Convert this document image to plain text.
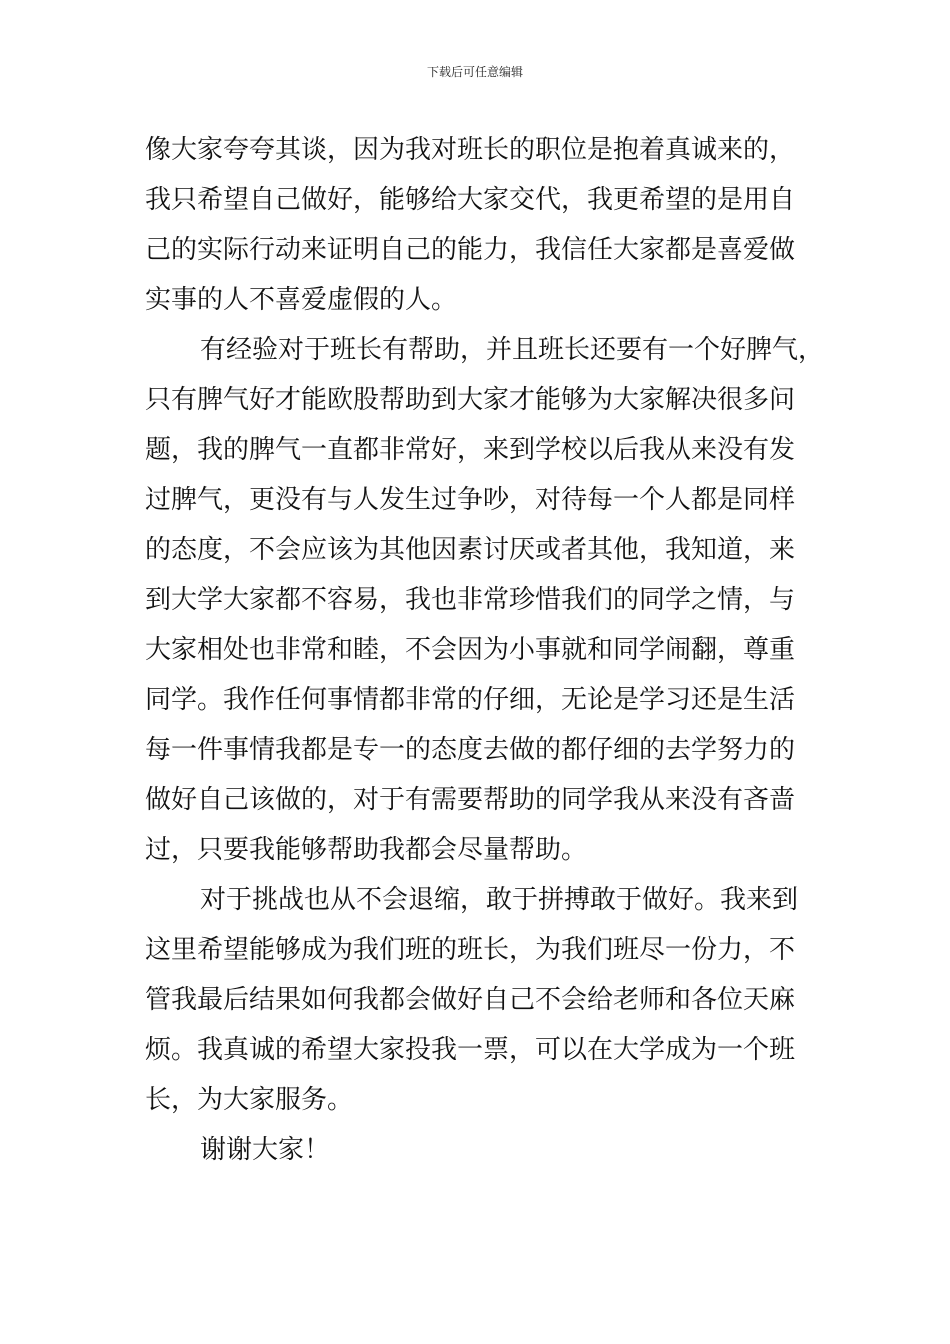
下载后可任意编辑
像大家夸夸其谈，因为我对班长的职位是抱着真诚来的，
我只希望自己做好，能够给大家交代，我更希望的是用自
己的实际行动来证明自己的能力，我信任大家都是喜爱做
实事的人不喜爱虚假的人。
有经验对于班长有帮助，并且班长还要有一个好脾气，
只有脾气好才能欧股帮助到大家才能够为大家解决很多问
题，我的脾气一直都非常好，来到学校以后我从来没有发
过脾气，更没有与人发生过争吵，对待每一个人都是同样
的态度，不会应该为其他因素讨厌或者其他，我知道，来
到大学大家都不容易，我也非常珍惜我们的同学之情，与
大家相处也非常和睦，不会因为小事就和同学闹翻，尊重
同学。我作任何事情都非常的仔细，无论是学习还是生活
每一件事情我都是专一的态度去做的都仔细的去学努力的
做好自己该做的，对于有需要帮助的同学我从来没有吝啬
过，只要我能够帮助我都会尽量帮助。
对于挑战也从不会退缩，敢于拼搏敢于做好。我来到
这里希望能够成为我们班的班长，为我们班尽一份力，不
管我最后结果如何我都会做好自己不会给老师和各位天麻
烦。我真诚的希望大家投我一票，可以在大学成为一个班
长，为大家服务。
谢谢大家！
